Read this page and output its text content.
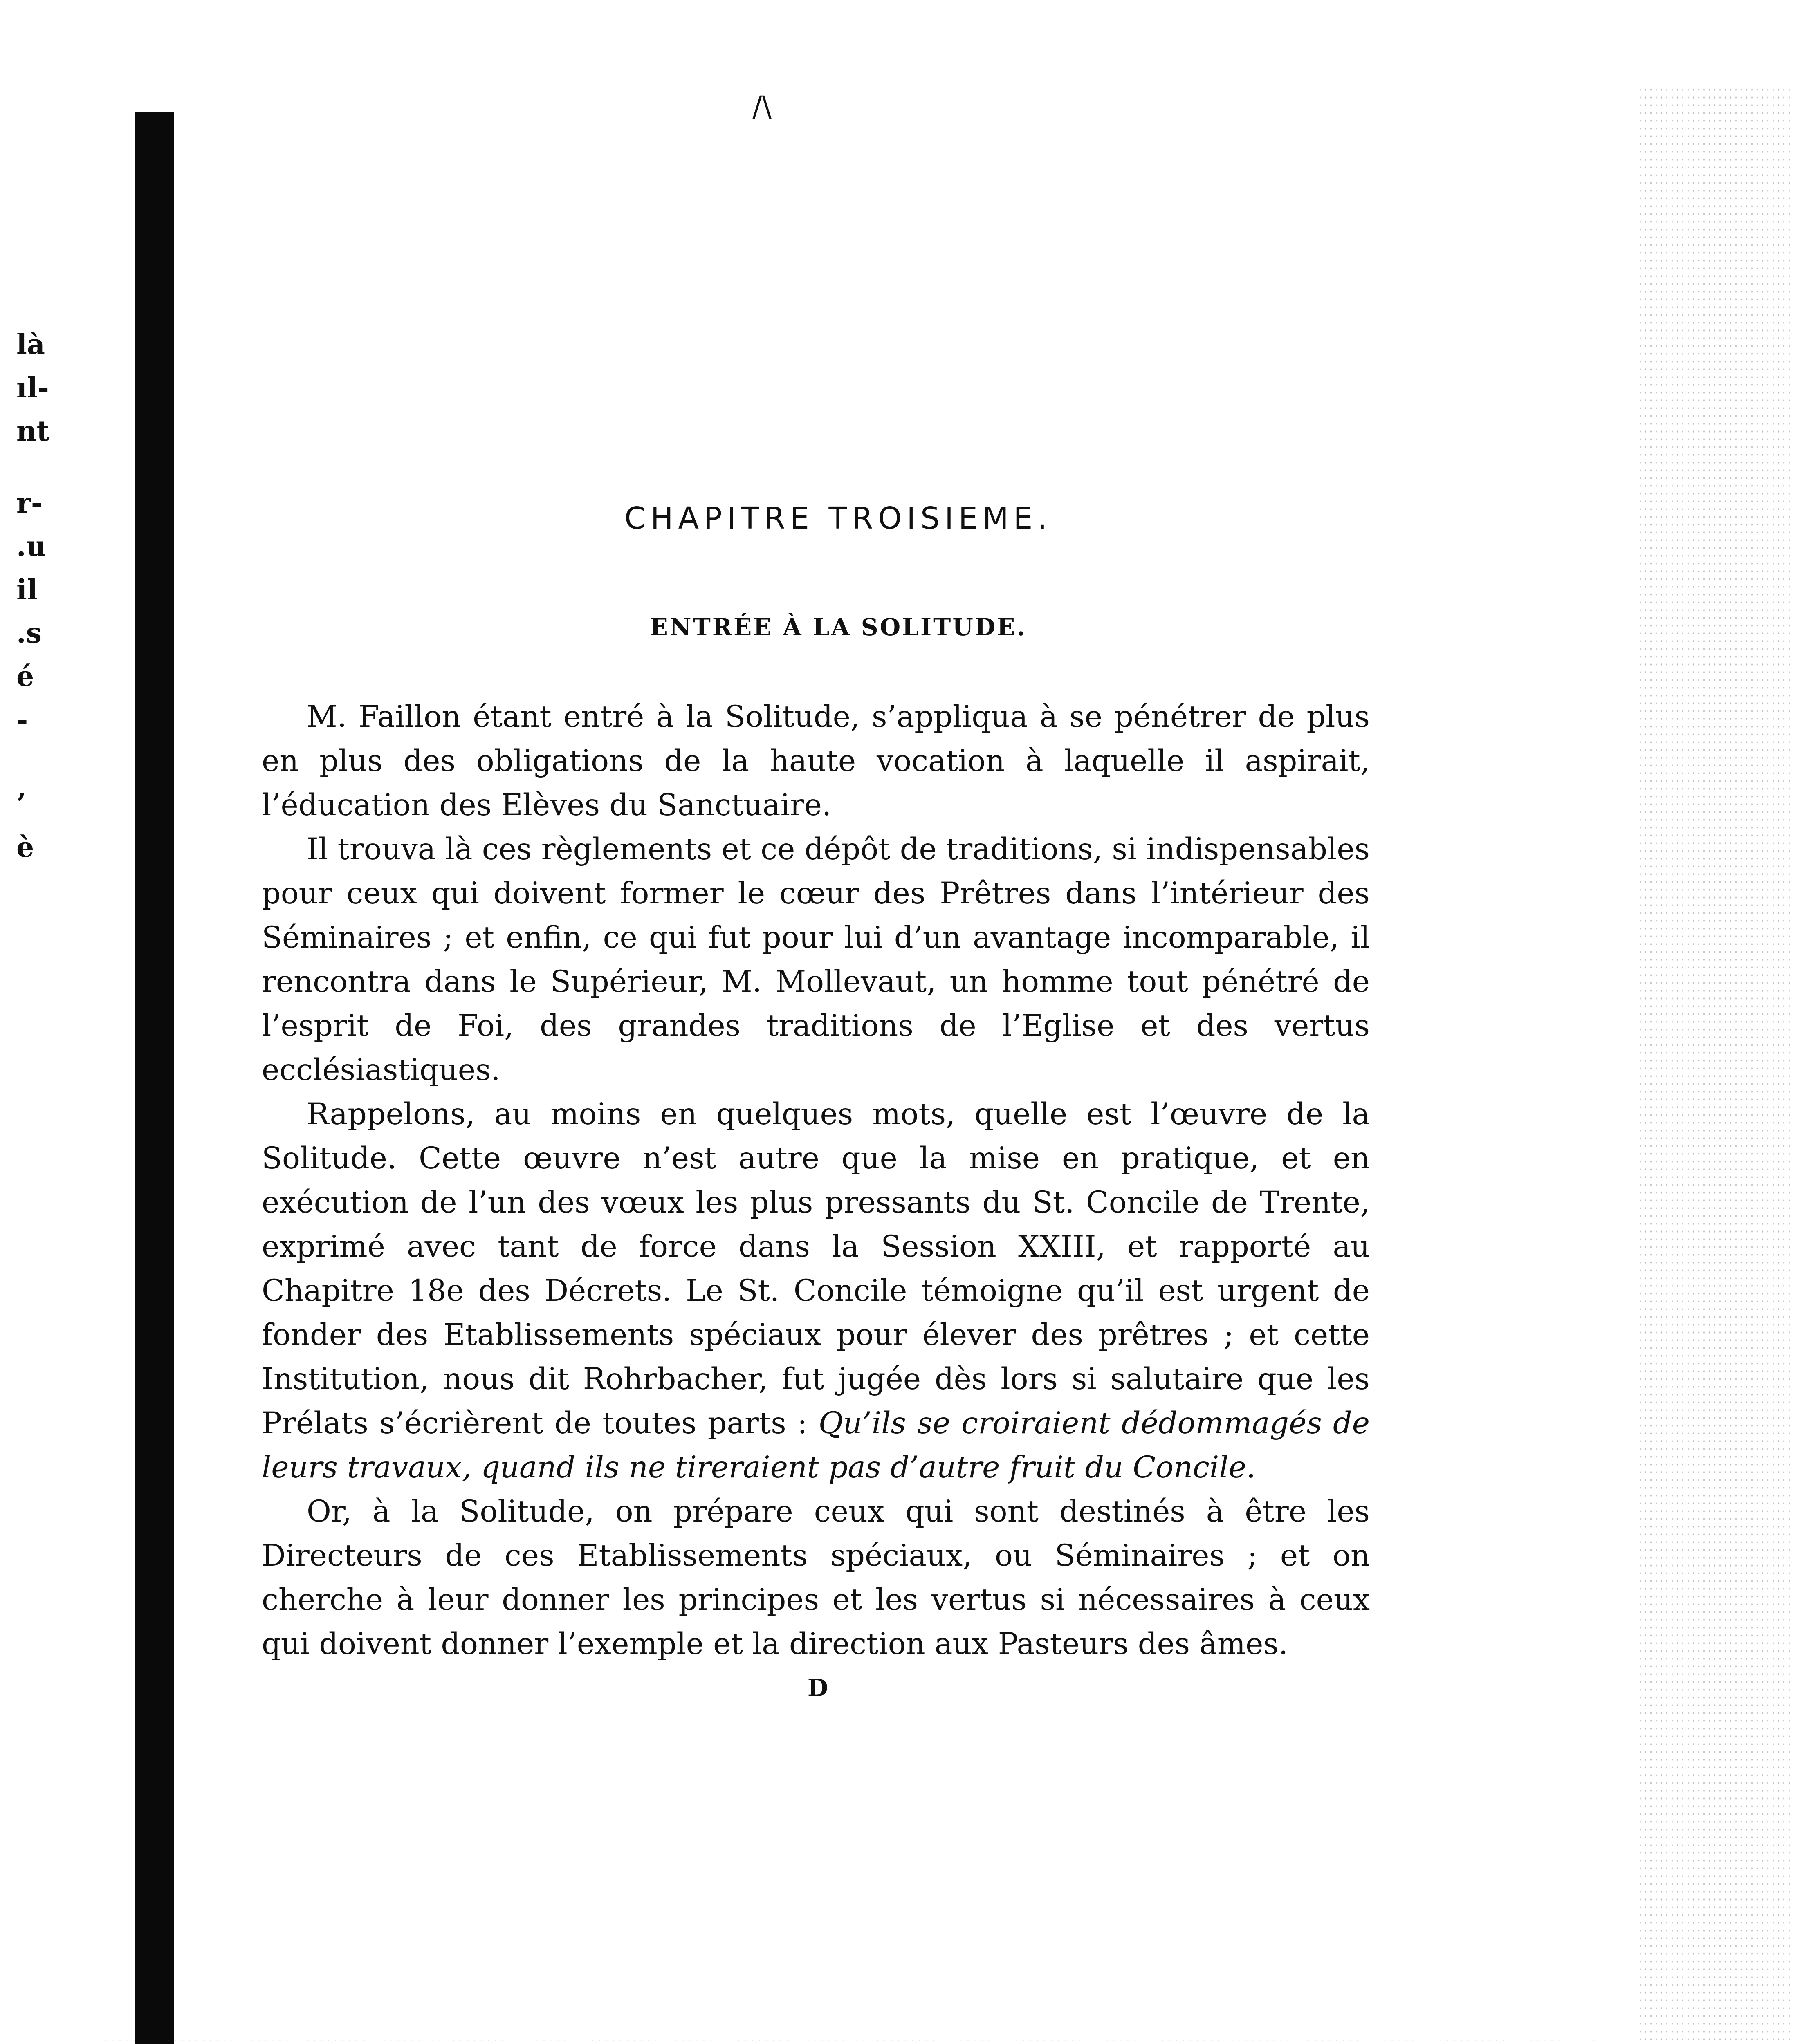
/\
là
ıl-
nt
r-
.u
il
.s
é
-
’
è
CHAPITRE TROISIEME.
ENTRÉE À LA SOLITUDE.

M. Faillon étant entré à la Solitude, s’appliqua à se pénétrer de plus en plus des obligations de la haute vocation à laquelle il aspirait, l’éducation des Elèves du Sanctuaire.

Il trouva là ces règlements et ce dépôt de traditions, si indispensables pour ceux qui doivent former le cœur des Prêtres dans l’intérieur des Séminaires ; et enfin, ce qui fut pour lui d’un avantage incomparable, il rencontra dans le Supérieur, M. Mollevaut, un homme tout pénétré de l’esprit de Foi, des grandes traditions de l’Eglise et des vertus ecclésiastiques.

Rappelons, au moins en quelques mots, quelle est l’œuvre de la Solitude. Cette œuvre n’est autre que la mise en pratique, et en exécution de l’un des vœux les plus pressants du St. Concile de Trente, exprimé avec tant de force dans la Session XXIII, et rapporté au Chapitre 18e des Décrets. Le St. Concile témoigne qu’il est urgent de fonder des Etablissements spéciaux pour élever des prêtres ; et cette Institution, nous dit Rohrbacher, fut jugée dès lors si salutaire que les Prélats s’écrièrent de toutes parts : Qu’ils se croiraient dédommagés de leurs travaux, quand ils ne tireraient pas d’autre fruit du Concile.

Or, à la Solitude, on prépare ceux qui sont destinés à être les Directeurs de ces Etablissements spéciaux, ou Séminaires ; et on cherche à leur donner les principes et les vertus si nécessaires à ceux qui doivent donner l’exemple et la direction aux Pasteurs des âmes.

D
